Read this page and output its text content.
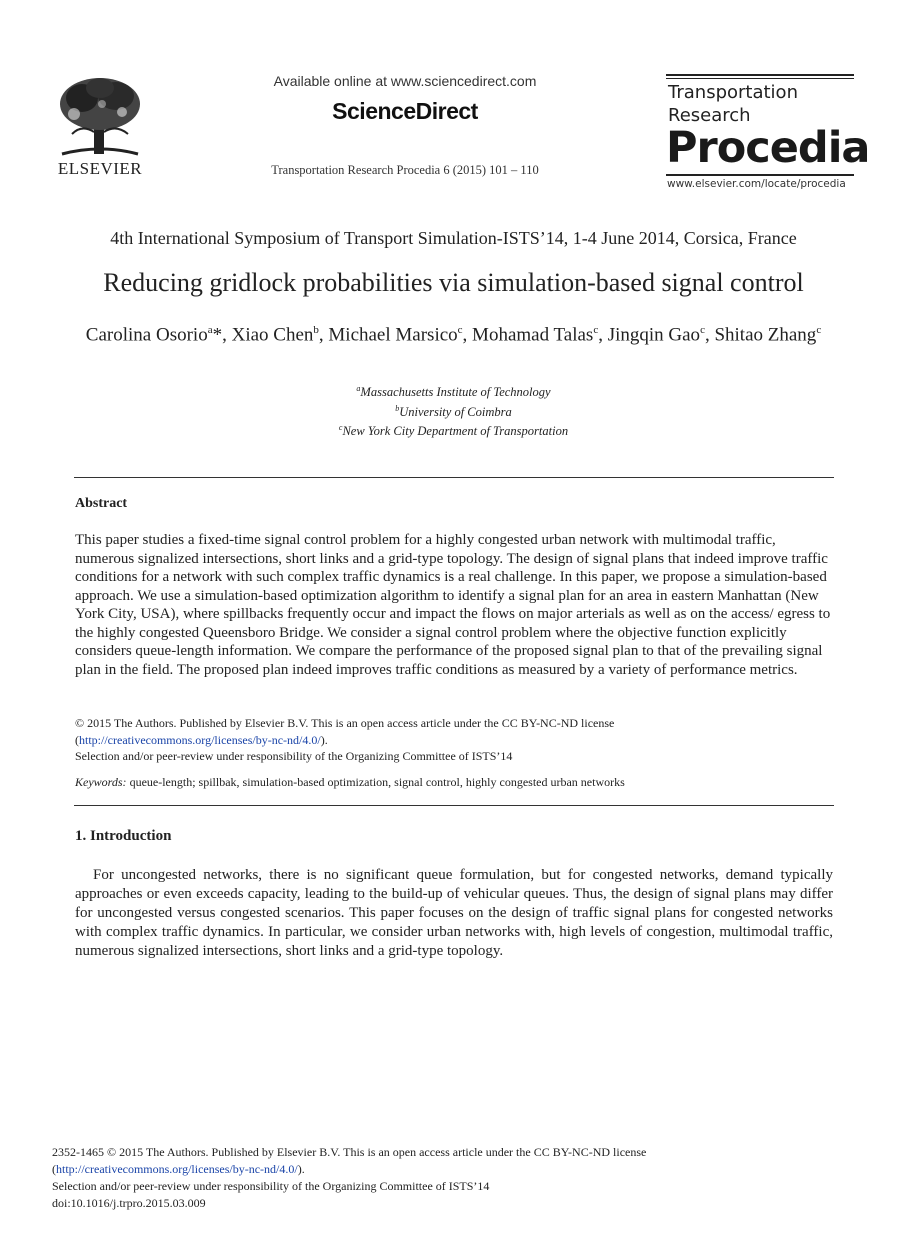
ELSEVIER
Available online at www.sciencedirect.com
ScienceDirect
Transportation Research Procedia 6 (2015) 101 – 110
Transportation
Research
Procedia
www.elsevier.com/locate/procedia
4th International Symposium of Transport Simulation-ISTS’14, 1-4 June 2014, Corsica, France
Reducing gridlock probabilities via simulation-based signal control
Carolina Osorio$^a$*, Xiao Chen$^b$, Michael Marsico$^c$, Mohamad Talas$^c$, Jingqin Gao$^c$, Shitao Zhang$^c$
$^a$Massachusetts Institute of Technology
$^b$University of Coimbra
$^c$New York City Department of Transportation
Abstract
This paper studies a fixed-time signal control problem for a highly congested urban network with multimodal traffic, numerous signalized intersections, short links and a grid-type topology. The design of signal plans that indeed improve traffic conditions for a network with such complex traffic dynamics is a real challenge. In this paper, we propose a simulation-based approach. We use a simulation-based optimization algorithm to identify a signal plan for an area in eastern Manhattan (New York City, USA), where spillbacks frequently occur and impact the flows on major arterials as well as on the access/ egress to the highly congested Queensboro Bridge. We consider a signal control problem where the objective function explicitly considers queue-length information. We compare the performance of the proposed signal plan to that of the prevailing signal plan in the field. The proposed plan indeed improves traffic conditions as measured by a variety of performance metrics.
© 2015 The Authors. Published by Elsevier B.V. This is an open access article under the CC BY-NC-ND license
(http://creativecommons.org/licenses/by-nc-nd/4.0/).
Selection and/or peer-review under responsibility of the Organizing Committee of ISTS’14
Keywords: queue-length; spillbak, simulation-based optimization, signal control, highly congested urban networks
1. Introduction
For uncongested networks, there is no significant queue formulation, but for congested networks, demand typically approaches or even exceeds capacity, leading to the build-up of vehicular queues. Thus, the design of signal plans may differ for uncongested versus congested scenarios. This paper focuses on the design of traffic signal plans for congested networks with complex traffic dynamics. In particular, we consider urban networks with, high levels of congestion, multimodal traffic, numerous signalized intersections, short links and a grid-type topology.
2352-1465 © 2015 The Authors. Published by Elsevier B.V. This is an open access article under the CC BY-NC-ND license
(http://creativecommons.org/licenses/by-nc-nd/4.0/).
Selection and/or peer-review under responsibility of the Organizing Committee of ISTS’14
doi:10.1016/j.trpro.2015.03.009
